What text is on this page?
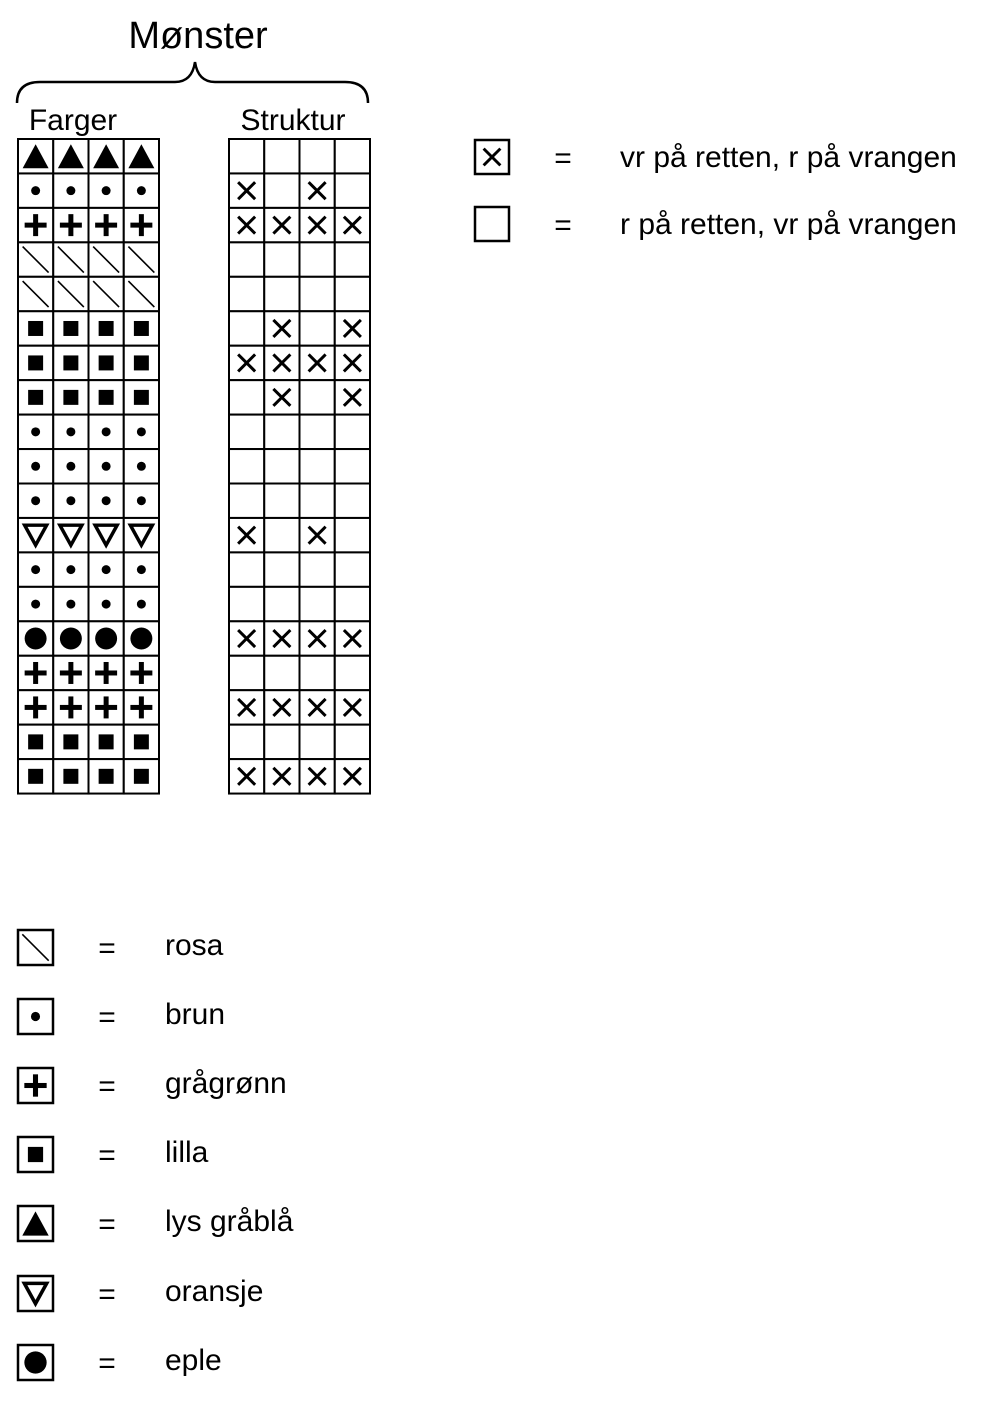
Mønster
Farger	Struktur
= vr på retten, r på vrangen
= r på retten, vr på vrangen
= rosa
= brun
= grågrønn
= lilla
= lys gråblå
= oransje
= eple
